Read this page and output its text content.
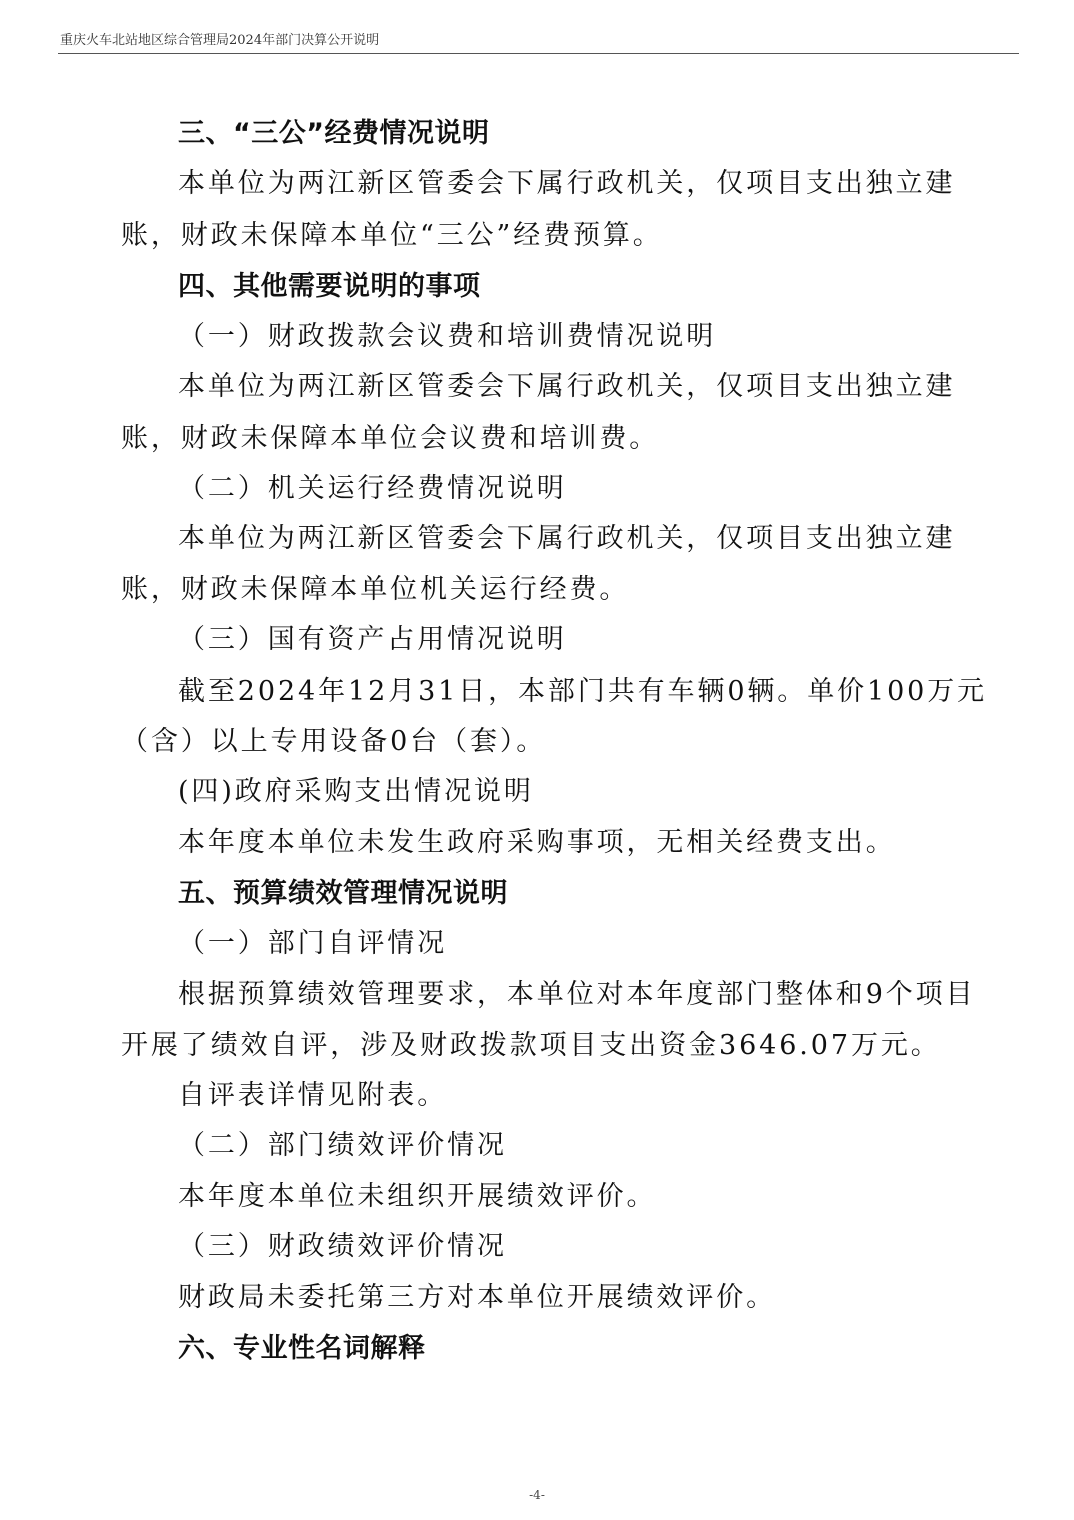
重庆火车北站地区综合管理局2024年部门决算公开说明
三、“三公”经费情况说明
本单位为两江新区管委会下属行政机关，仅项目支出独立建
账，财政未保障本单位“三公”经费预算。
四、其他需要说明的事项
（一）财政拨款会议费和培训费情况说明
本单位为两江新区管委会下属行政机关，仅项目支出独立建
账，财政未保障本单位会议费和培训费。
（二）机关运行经费情况说明
本单位为两江新区管委会下属行政机关，仅项目支出独立建
账，财政未保障本单位机关运行经费。
（三）国有资产占用情况说明
截至2024年12月31日，本部门共有车辆0辆。单价100万元
（含）以上专用设备0台（套）。
(四)政府采购支出情况说明
本年度本单位未发生政府采购事项，无相关经费支出。
五、预算绩效管理情况说明
（一）部门自评情况
根据预算绩效管理要求，本单位对本年度部门整体和9个项目
开展了绩效自评，涉及财政拨款项目支出资金3646.07万元。
自评表详情见附表。
（二）部门绩效评价情况
本年度本单位未组织开展绩效评价。
（三）财政绩效评价情况
财政局未委托第三方对本单位开展绩效评价。
六、专业性名词解释
-4-
